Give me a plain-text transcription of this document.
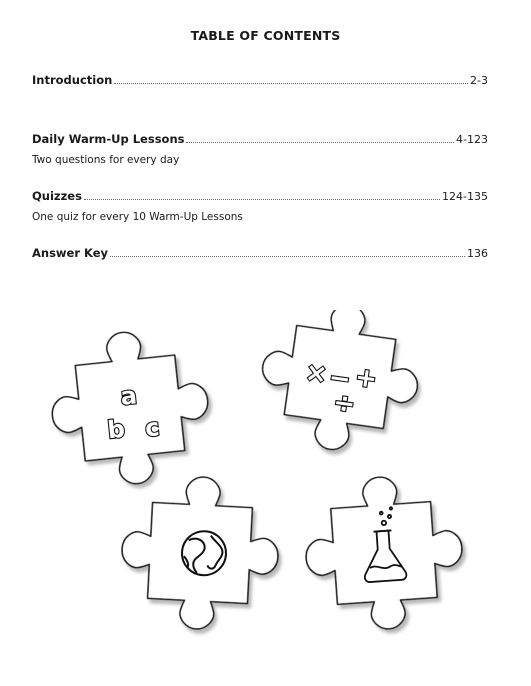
TABLE OF CONTENTS
Introduction	2-3
Daily Warm-Up Lessons	4-123
Two questions for every day
Quizzes	124-135
One quiz for every 10 Warm-Up Lessons
Answer Key	136
a
b c
×
− +
÷
